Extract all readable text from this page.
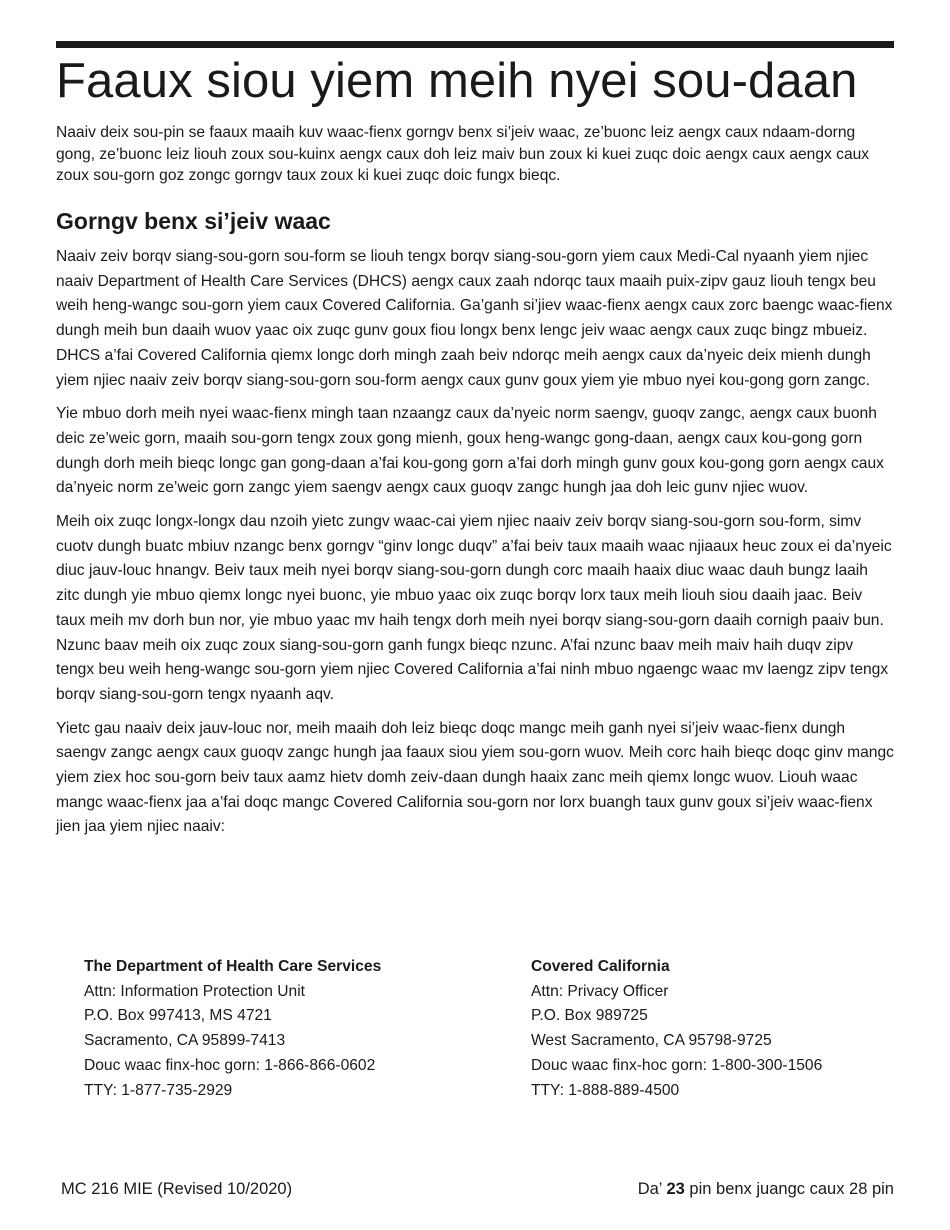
Faaux siou yiem meih nyei sou-daan

Naaiv deix sou-pin se faaux maaih kuv waac-fienx gorngv benx si’jeiv waac, ze’buonc leiz aengx caux ndaam-dorng gong, ze’buonc leiz liouh zoux sou-kuinx aengx caux doh leiz maiv bun zoux ki kuei zuqc doic aengx caux aengx caux zoux sou-gorn goz zongc gorngv taux zoux ki kuei zuqc doic fungx bieqc.

Gorngv benx si’jeiv waac

Naaiv zeiv borqv siang-sou-gorn sou-form se liouh tengx borqv siang-sou-gorn yiem caux Medi-Cal nyaanh yiem njiec naaiv Department of Health Care Services (DHCS) aengx caux zaah ndorqc taux maaih puix-zipv gauz liouh tengx beu weih heng-wangc sou-gorn yiem caux Covered California. Ga’ganh si’jiev waac-fienx aengx caux zorc baengc waac-fienx dungh meih bun daaih wuov yaac oix zuqc gunv goux fiou longx benx lengc jeiv waac aengx caux zuqc bingz mbueiz. DHCS a’fai Covered California qiemx longc dorh mingh zaah beiv ndorqc meih aengx caux da’nyeic deix mienh dungh yiem njiec naaiv zeiv borqv siang-sou-gorn sou-form aengx caux gunv goux yiem yie mbuo nyei kou-gong gorn zangc.

Yie mbuo dorh meih nyei waac-fienx mingh taan nzaangz caux da’nyeic norm saengv, guoqv zangc, aengx caux buonh deic ze’weic gorn, maaih sou-gorn tengx zoux gong mienh, goux heng-wangc gong-daan, aengx caux kou-gong gorn dungh dorh meih bieqc longc gan gong-daan a’fai kou-gong gorn a’fai dorh mingh gunv goux kou-gong gorn aengx caux da’nyeic norm ze’weic gorn zangc yiem saengv aengx caux guoqv zangc hungh jaa doh leic gunv njiec wuov.

Meih oix zuqc longx-longx dau nzoih yietc zungv waac-cai yiem njiec naaiv zeiv borqv siang-sou-gorn sou-form, simv cuotv dungh buatc mbiuv nzangc benx gorngv “ginv longc duqv” a’fai beiv taux maaih waac njiaaux heuc zoux ei da’nyeic diuc jauv-louc hnangv. Beiv taux meih nyei borqv siang-sou-gorn dungh corc maaih haaix diuc waac dauh bungz laaih zitc dungh yie mbuo qiemx longc nyei buonc, yie mbuo yaac oix zuqc borqv lorx taux meih liouh siou daaih jaac. Beiv taux meih mv dorh bun nor, yie mbuo yaac mv haih tengx dorh meih nyei borqv siang-sou-gorn daaih cornigh paaiv bun. Nzunc baav meih oix zuqc zoux siang-sou-gorn ganh fungx bieqc nzunc. A’fai nzunc baav meih maiv haih duqv zipv tengx beu weih heng-wangc sou-gorn yiem njiec Covered California a’fai ninh mbuo ngaengc waac mv laengz zipv tengx borqv siang-sou-gorn tengx nyaanh aqv.

Yietc gau naaiv deix jauv-louc nor, meih maaih doh leiz bieqc doqc mangc meih ganh nyei si’jeiv waac-fienx dungh saengv zangc aengx caux guoqv zangc hungh jaa faaux siou yiem sou-gorn wuov. Meih corc haih bieqc doqc ginv mangc yiem ziex hoc sou-gorn beiv taux aamz hietv domh zeiv-daan dungh haaix zanc meih qiemx longc wuov. Liouh waac mangc waac-fienx jaa a’fai doqc mangc Covered California sou-gorn nor lorx buangh taux gunv goux si’jeiv waac-fienx jien jaa yiem njiec naaiv:

The Department of Health Care Services
Attn: Information Protection Unit
P.O. Box 997413, MS 4721
Sacramento, CA 95899-7413
Douc waac finx-hoc gorn: 1-866-866-0602
TTY: 1-877-735-2929
Covered California
Attn: Privacy Officer
P.O. Box 989725
West Sacramento, CA 95798-9725
Douc waac finx-hoc gorn: 1-800-300-1506
TTY: 1-888-889-4500
MC 216 MIE (Revised 10/2020)	Da’ 23 pin benx juangc caux 28 pin
